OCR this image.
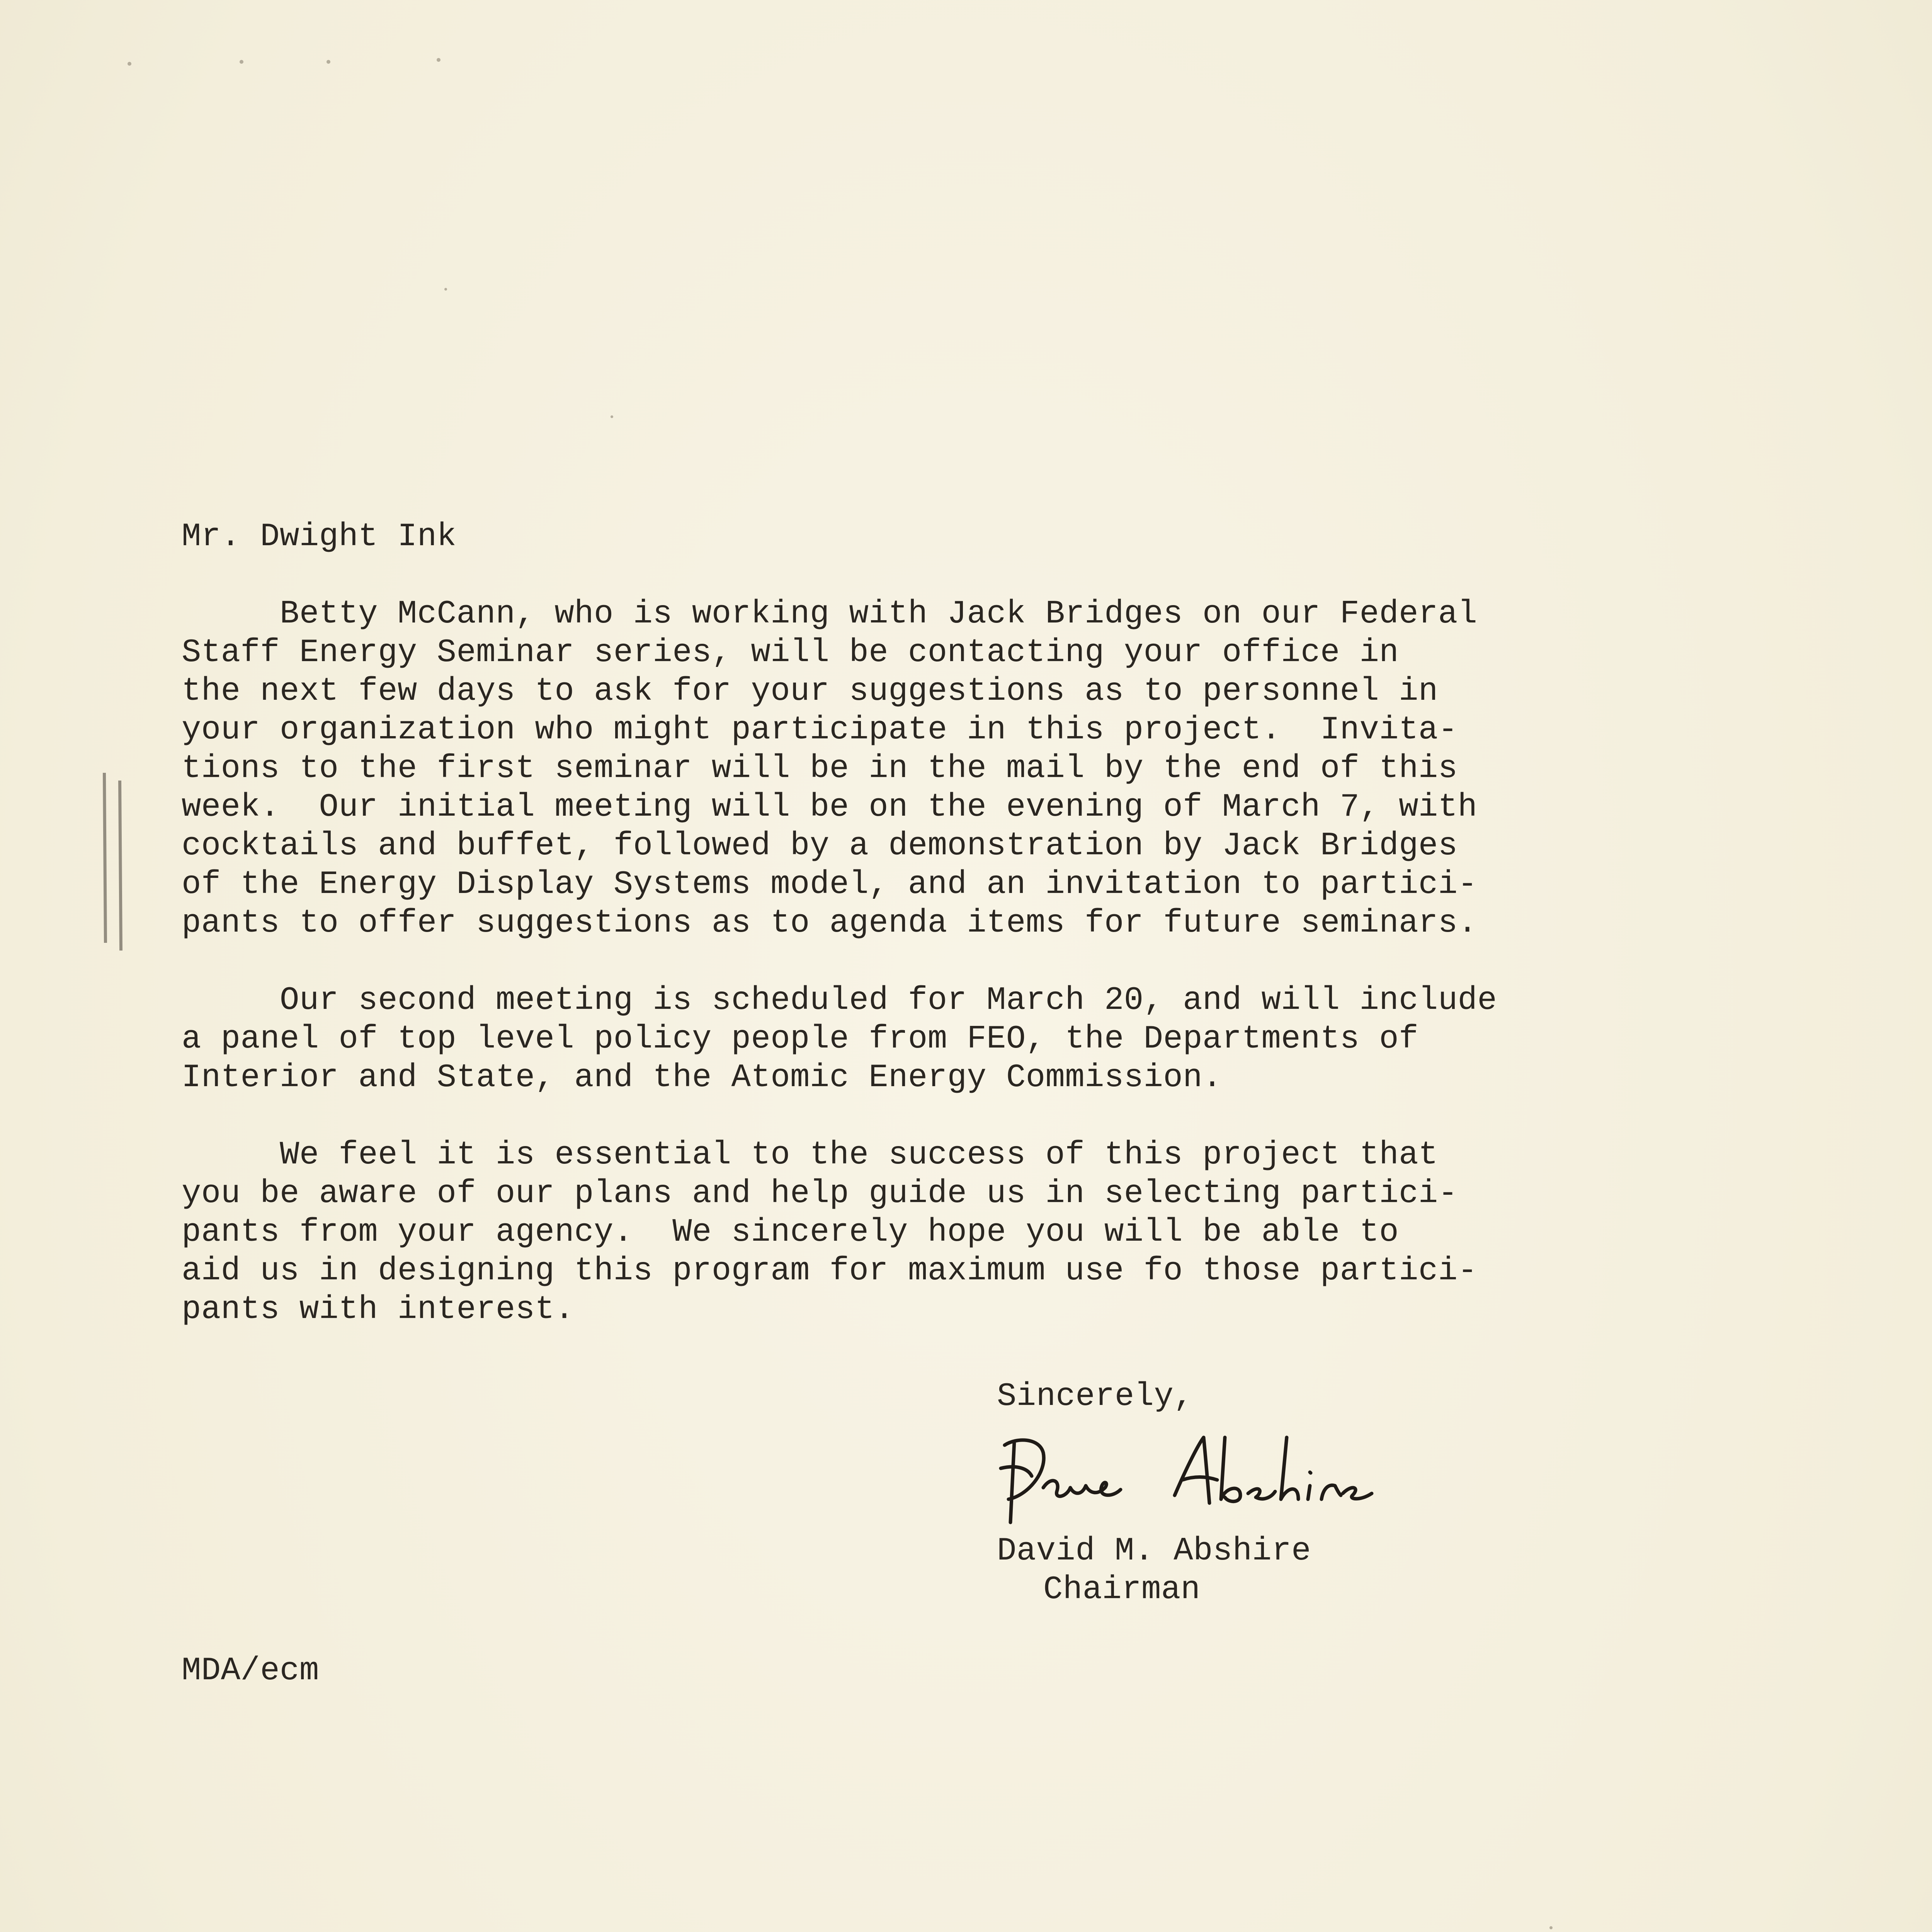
Mr. Dwight Ink
Betty McCann, who is working with Jack Bridges on our Federal
Staff Energy Seminar series, will be contacting your office in
the next few days to ask for your suggestions as to personnel in
your organization who might participate in this project.  Invita-
tions to the first seminar will be in the mail by the end of this
week.  Our initial meeting will be on the evening of March 7, with
cocktails and buffet, followed by a demonstration by Jack Bridges
of the Energy Display Systems model, and an invitation to partici-
pants to offer suggestions as to agenda items for future seminars.
Our second meeting is scheduled for March 20, and will include
a panel of top level policy people from FEO, the Departments of
Interior and State, and the Atomic Energy Commission.
We feel it is essential to the success of this project that
you be aware of our plans and help guide us in selecting partici-
pants from your agency.  We sincerely hope you will be able to
aid us in designing this program for maximum use fo those partici-
pants with interest.
Sincerely,
David M. Abshire
Chairman
MDA/ecm
